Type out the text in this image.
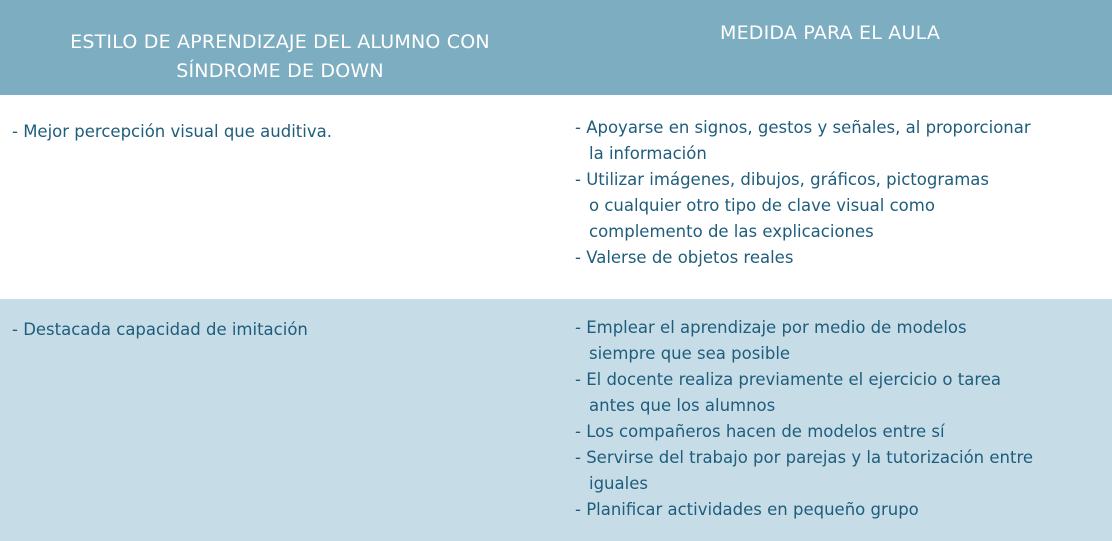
ESTILO DE APRENDIZAJE DEL ALUMNO CON
SÍNDROME DE DOWN
MEDIDA PARA EL AULA
- Mejor percepción visual que auditiva.	- Apoyarse en signos, gestos y señales, al proporcionar
la información
- Utilizar imágenes, dibujos, gráficos, pictogramas
o cualquier otro tipo de clave visual como
complemento de las explicaciones
- Valerse de objetos reales
- Destacada capacidad de imitación	- Emplear el aprendizaje por medio de modelos
siempre que sea posible
- El docente realiza previamente el ejercicio o tarea
antes que los alumnos
- Los compañeros hacen de modelos entre sí
- Servirse del trabajo por parejas y la tutorización entre
iguales
- Planificar actividades en pequeño grupo
